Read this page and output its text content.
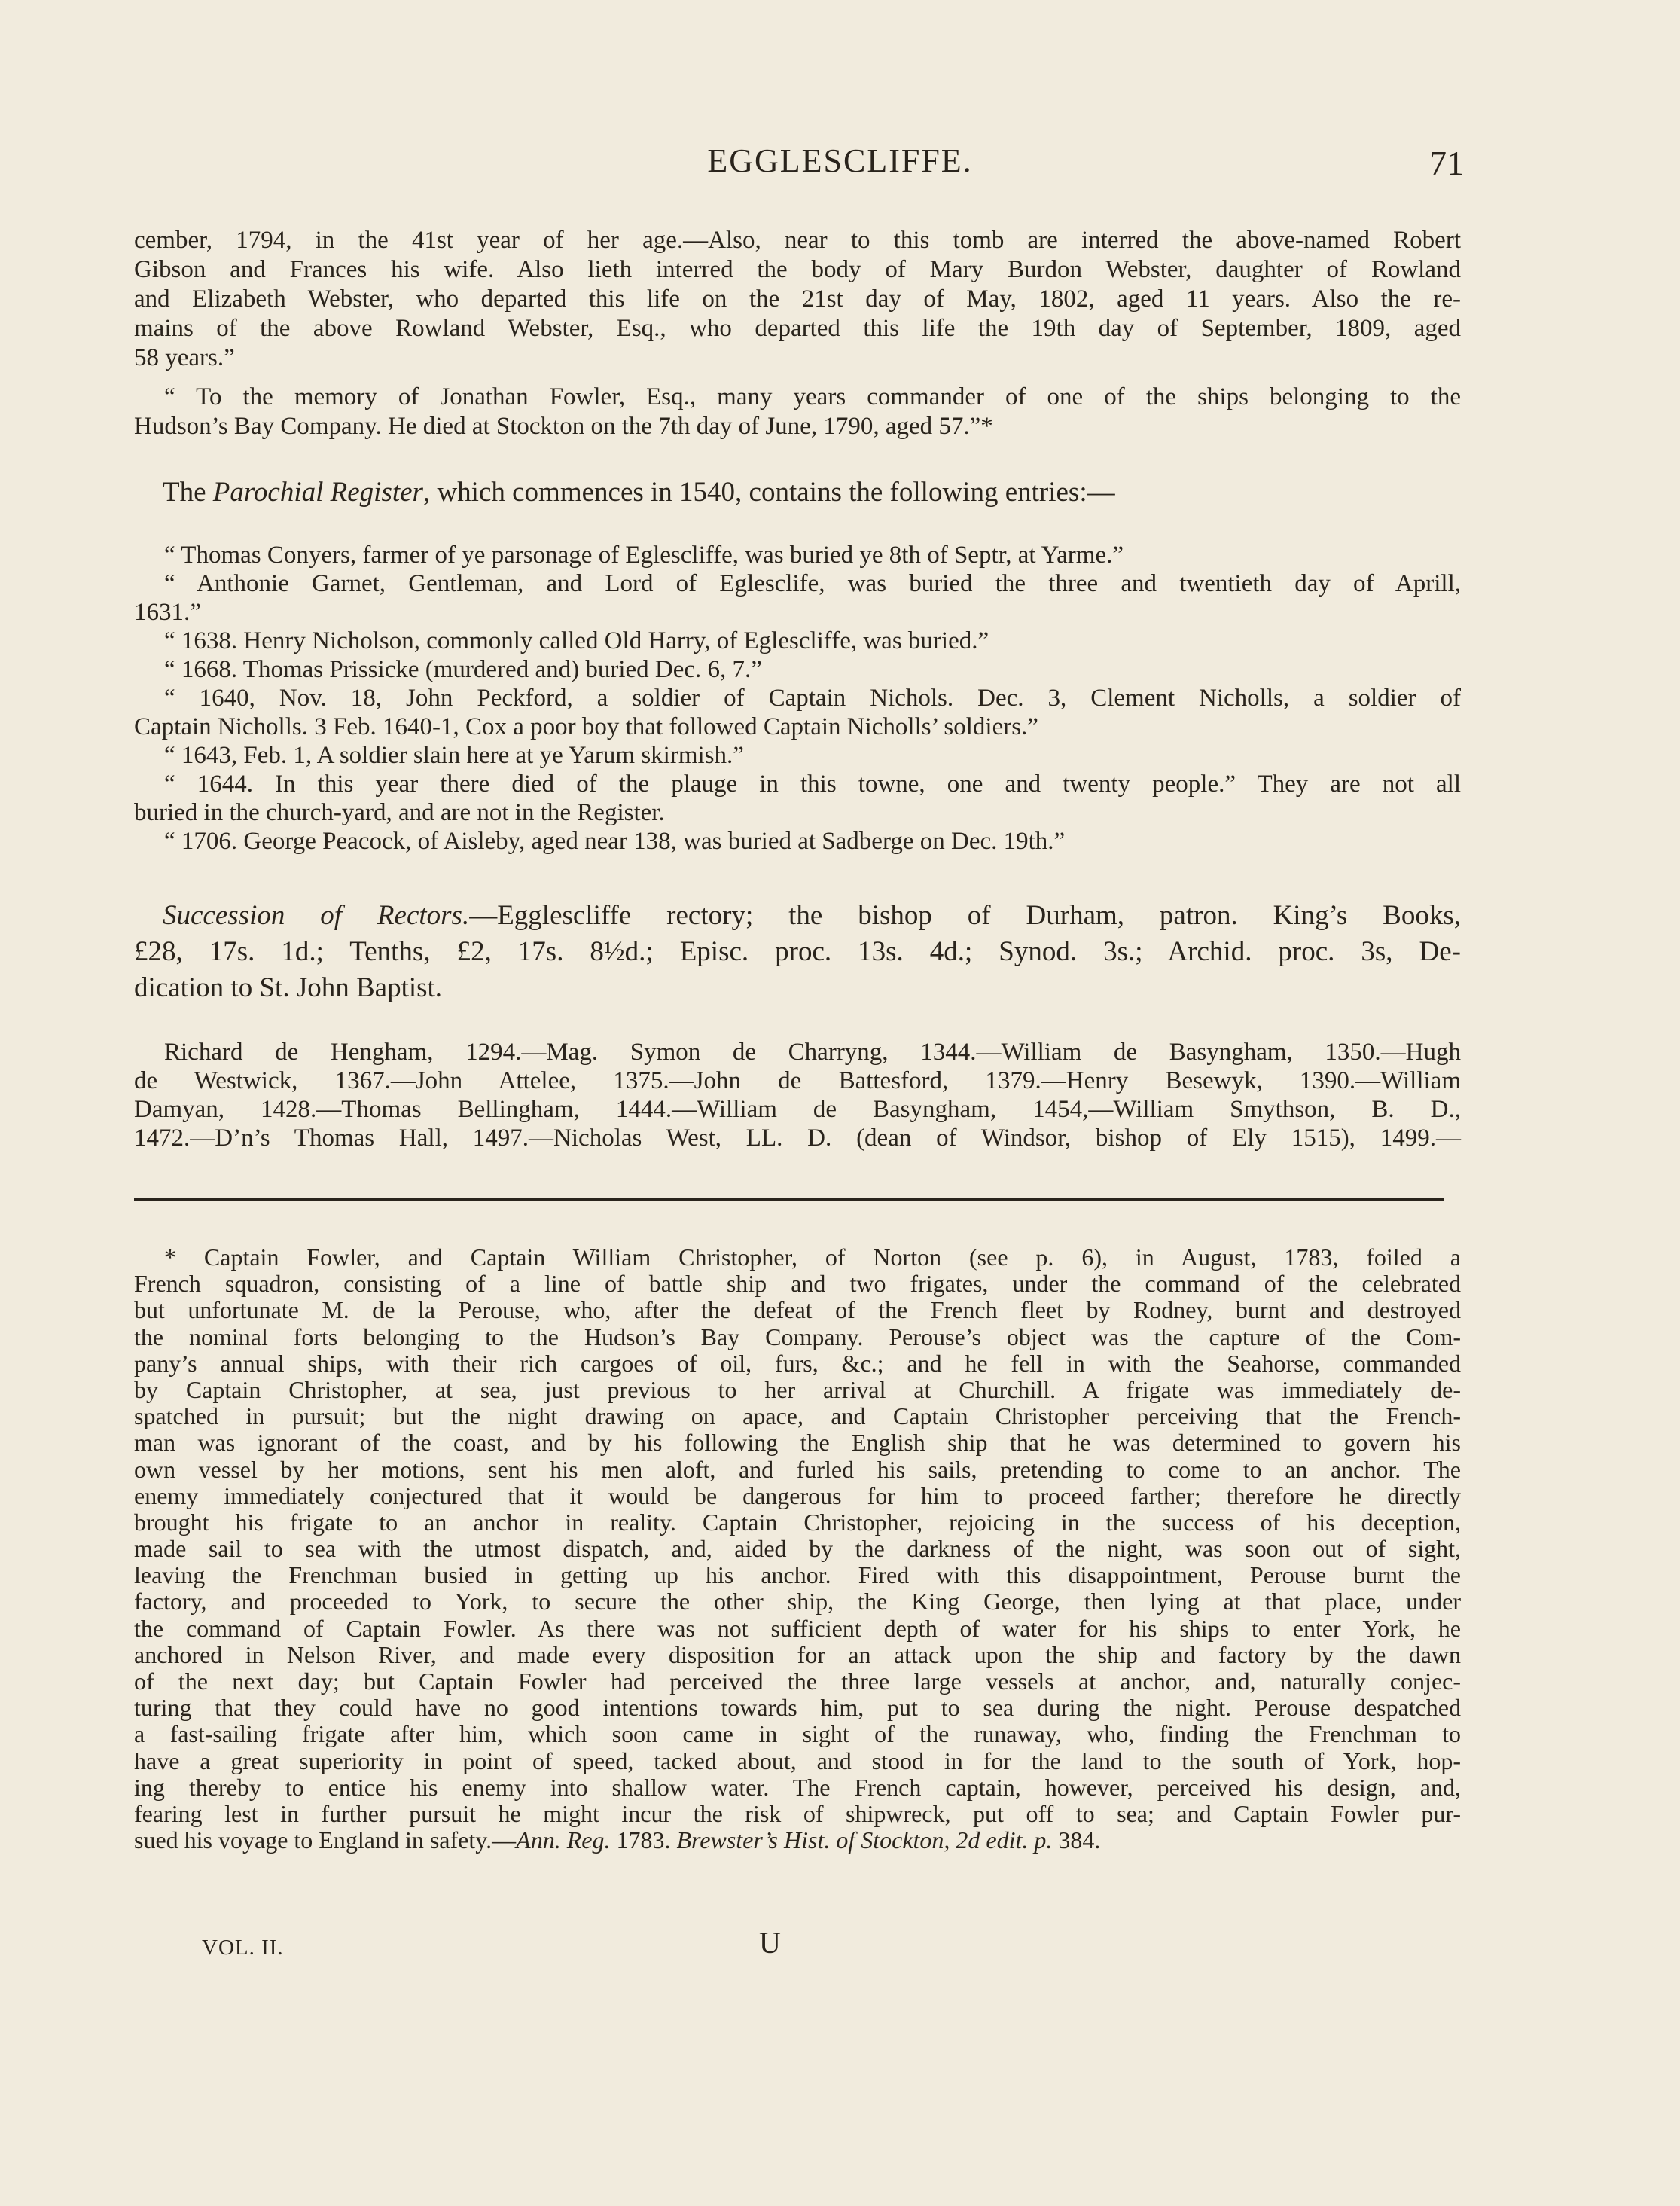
EGGLESCLIFFE.	71
cember, 1794, in the 41st year of her age.—Also, near to this tomb are interred the above-named Robert
Gibson and Frances his wife. Also lieth interred the body of Mary Burdon Webster, daughter of Rowland
and Elizabeth Webster, who departed this life on the 21st day of May, 1802, aged 11 years. Also the re-
mains of the above Rowland Webster, Esq., who departed this life the 19th day of September, 1809, aged
58 years.”
“ To the memory of Jonathan Fowler, Esq., many years commander of one of the ships belonging to the
Hudson’s Bay Company. He died at Stockton on the 7th day of June, 1790, aged 57.”*
The Parochial Register, which commences in 1540, contains the following entries:—
“ Thomas Conyers, farmer of ye parsonage of Eglescliffe, was buried ye 8th of Septr, at Yarme.”
“ Anthonie Garnet, Gentleman, and Lord of Eglesclife, was buried the three and twentieth day of Aprill,
1631.”
“ 1638. Henry Nicholson, commonly called Old Harry, of Eglescliffe, was buried.”
“ 1668. Thomas Prissicke (murdered and) buried Dec. 6, 7.”
“ 1640, Nov. 18, John Peckford, a soldier of Captain Nichols. Dec. 3, Clement Nicholls, a soldier of
Captain Nicholls. 3 Feb. 1640-1, Cox a poor boy that followed Captain Nicholls’ soldiers.”
“ 1643, Feb. 1, A soldier slain here at ye Yarum skirmish.”
“ 1644. In this year there died of the plauge in this towne, one and twenty people.” They are not all
buried in the church-yard, and are not in the Register.
“ 1706. George Peacock, of Aisleby, aged near 138, was buried at Sadberge on Dec. 19th.”
Succession of Rectors.—Egglescliffe rectory; the bishop of Durham, patron. King’s Books,
£28, 17s. 1d.; Tenths, £2, 17s. 8½d.; Episc. proc. 13s. 4d.; Synod. 3s.; Archid. proc. 3s, De-
dication to St. John Baptist.
Richard de Hengham, 1294.—Mag. Symon de Charryng, 1344.—William de Basyngham, 1350.—Hugh
de Westwick, 1367.—John Attelee, 1375.—John de Battesford, 1379.—Henry Besewyk, 1390.—William
Damyan, 1428.—Thomas Bellingham, 1444.—William de Basyngham, 1454,—William Smythson, B. D.,
1472.—D’n’s Thomas Hall, 1497.—Nicholas West, LL. D. (dean of Windsor, bishop of Ely 1515), 1499.—
* Captain Fowler, and Captain William Christopher, of Norton (see p. 6), in August, 1783, foiled a
French squadron, consisting of a line of battle ship and two frigates, under the command of the celebrated
but unfortunate M. de la Perouse, who, after the defeat of the French fleet by Rodney, burnt and destroyed
the nominal forts belonging to the Hudson’s Bay Company. Perouse’s object was the capture of the Com-
pany’s annual ships, with their rich cargoes of oil, furs, &c.; and he fell in with the Seahorse, commanded
by Captain Christopher, at sea, just previous to her arrival at Churchill. A frigate was immediately de-
spatched in pursuit; but the night drawing on apace, and Captain Christopher perceiving that the French-
man was ignorant of the coast, and by his following the English ship that he was determined to govern his
own vessel by her motions, sent his men aloft, and furled his sails, pretending to come to an anchor. The
enemy immediately conjectured that it would be dangerous for him to proceed farther; therefore he directly
brought his frigate to an anchor in reality. Captain Christopher, rejoicing in the success of his deception,
made sail to sea with the utmost dispatch, and, aided by the darkness of the night, was soon out of sight,
leaving the Frenchman busied in getting up his anchor. Fired with this disappointment, Perouse burnt the
factory, and proceeded to York, to secure the other ship, the King George, then lying at that place, under
the command of Captain Fowler. As there was not sufficient depth of water for his ships to enter York, he
anchored in Nelson River, and made every disposition for an attack upon the ship and factory by the dawn
of the next day; but Captain Fowler had perceived the three large vessels at anchor, and, naturally conjec-
turing that they could have no good intentions towards him, put to sea during the night. Perouse despatched
a fast-sailing frigate after him, which soon came in sight of the runaway, who, finding the Frenchman to
have a great superiority in point of speed, tacked about, and stood in for the land to the south of York, hop-
ing thereby to entice his enemy into shallow water. The French captain, however, perceived his design, and,
fearing lest in further pursuit he might incur the risk of shipwreck, put off to sea; and Captain Fowler pur-
sued his voyage to England in safety.—Ann. Reg. 1783. Brewster’s Hist. of Stockton, 2d edit. p. 384.
VOL. II.	U
